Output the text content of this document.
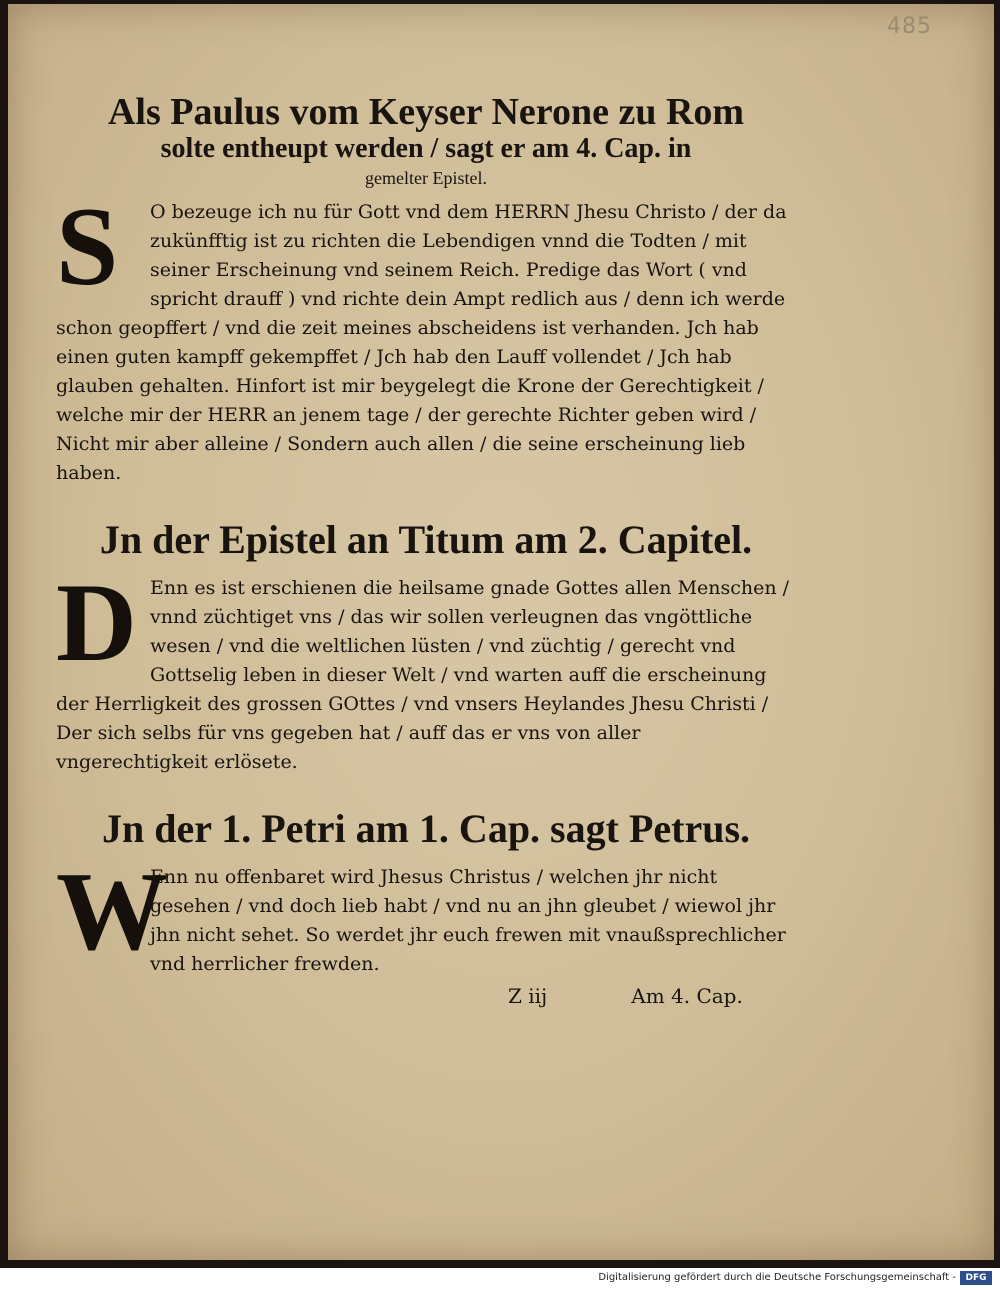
485
Als Paulus vom Keyser Nerone zu Rom
solte entheupt werden / sagt er am 4. Cap. in
gemelter Epistel.

S	O bezeuge ich nu für Gott vnd dem HERRN Jhesu Christo / der da zukünfftig ist zu richten die Lebendigen vnnd die Todten / mit seiner Erscheinung vnd seinem Reich. Predige das Wort ( vnd spricht drauff ) vnd richte dein Ampt redlich aus / denn ich werde schon geopffert / vnd die zeit meines abscheidens ist verhanden. Jch hab einen guten kampff gekempffet / Jch hab den Lauff vollendet / Jch hab glauben gehalten. Hinfort ist mir beygelegt die Krone der Gerechtigkeit / welche mir der HERR an jenem tage / der gerechte Richter geben wird / Nicht mir aber alleine / Sondern auch allen / die seine erscheinung lieb haben.

Jn der Epistel an Titum am 2. Capitel.

D Enn es ist erschienen die heilsame gnade Gottes allen Menschen / vnnd züchtiget vns / das wir sollen verleugnen das vngöttliche wesen / vnd die weltlichen lüsten / vnd züchtig / gerecht vnd Gottselig leben in dieser Welt / vnd warten auff die erscheinung der Herrligkeit des grossen GOttes / vnd vnsers Heylandes Jhesu Christi / Der sich selbs für vns gegeben hat / auff das er vns von aller vngerechtigkeit erlösete.

Jn der 1. Petri am 1. Cap. sagt Petrus.

W
Enn nu offenbaret wird Jhesus Christus / welchen jhr nicht gesehen / vnd doch lieb habt / vnd nu an jhn gleubet / wiewol jhr jhn nicht sehet. So werdet jhr euch frewen mit vnaußsprechlicher vnd herrlicher frewden.

Z iij	Am 4. Cap.
Digitalisierung gefördert durch die Deutsche Forschungsgemeinschaft -	DFG
